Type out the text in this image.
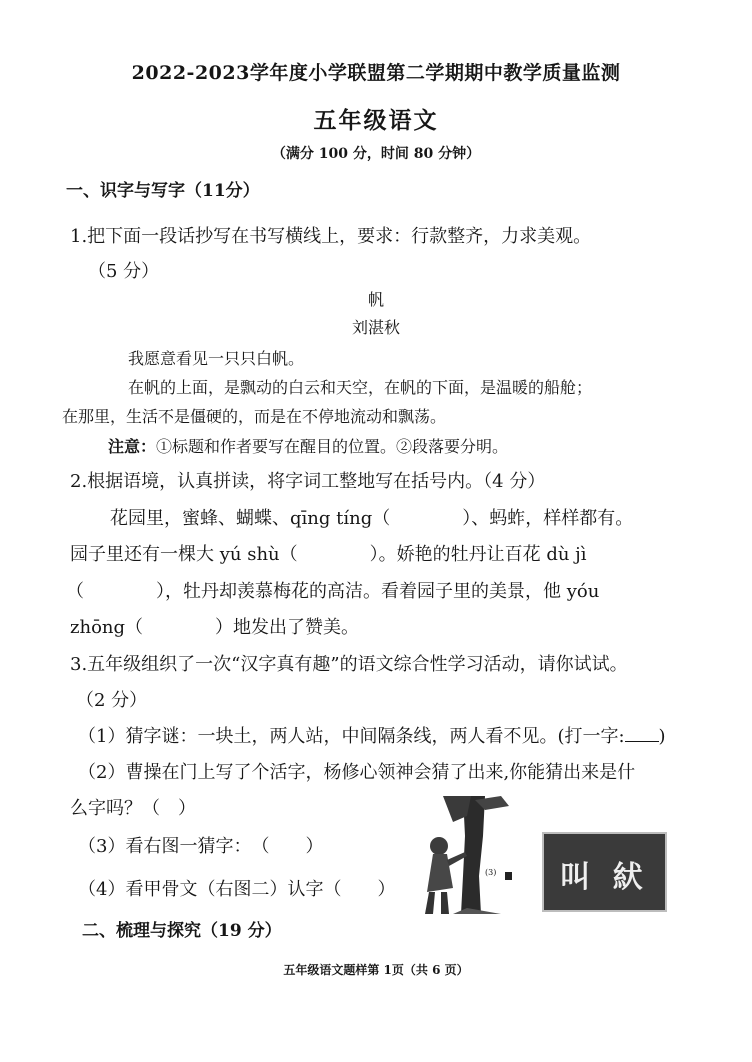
2022-2023学年度小学联盟第二学期期中教学质量监测
五年级语文
（满分 100 分，时间 80 分钟）
一、识字与写字（11分）
1.把下面一段话抄写在书写横线上，要求：行款整齐，力求美观。
（5 分）
帆
刘湛秋
我愿意看见一只只白帆。
在帆的上面，是飘动的白云和天空，在帆的下面，是温暖的船舱；
在那里，生活不是僵硬的，而是在不停地流动和飘荡。
注意：①标题和作者要写在醒目的位置。②段落要分明。
2.根据语境，认真拼读，将字词工整地写在括号内。（4 分）
花园里，蜜蜂、蝴蝶、qīng tíng（　　　　）、蚂蚱，样样都有。
园子里还有一棵大 yú shù（　　　　）。娇艳的牡丹让百花 dù jì
（　　　　），牡丹却羡慕梅花的高洁。看着园子里的美景，他 yóu
zhōng（　　　　）地发出了赞美。
3.五年级组织了一次“汉字真有趣”的语文综合性学习活动，请你试试。
（2 分）
（1）猜字谜：一块土，两人站，中间隔条线，两人看不见。(打一字: )
（2）曹操在门上写了个活字，杨修心领神会猜了出来,你能猜出来是什
么字吗？（　）
（3）看右图一猜字：　（　　）
（4）看甲骨文（右图二）认字（　　）
(3)	叫 紎
二、梳理与探究（19 分）
五年级语文题样第 1页（共 6 页）
